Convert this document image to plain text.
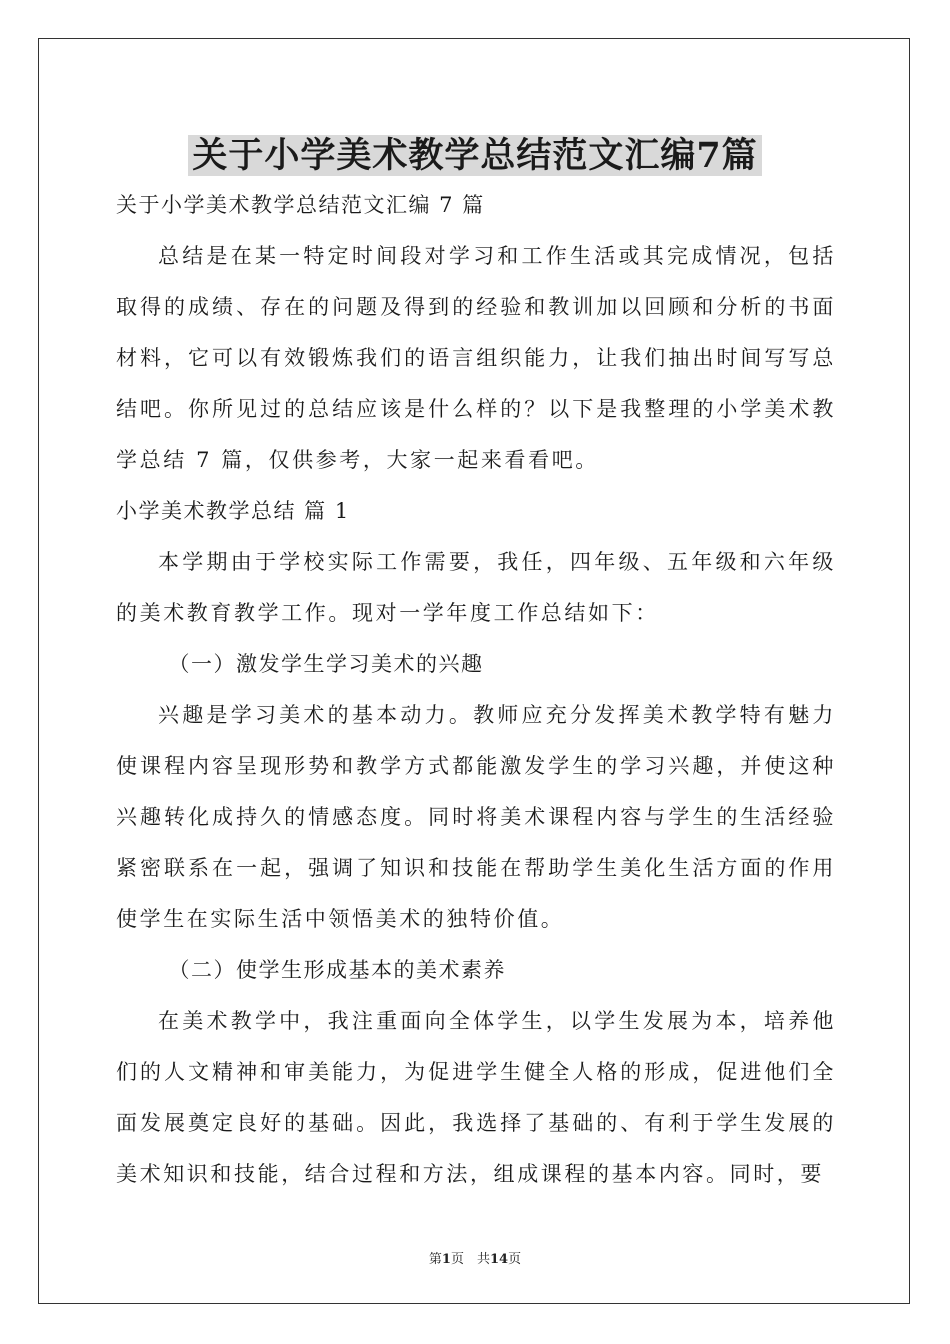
关于小学美术教学总结范文汇编7篇
关于小学美术教学总结范文汇编 7 篇
总结是在某一特定时间段对学习和工作生活或其完成情况，包括取得的成绩、存在的问题及得到的经验和教训加以回顾和分析的书面材料，它可以有效锻炼我们的语言组织能力，让我们抽出时间写写总结吧。你所见过的总结应该是什么样的？以下是我整理的小学美术教学总结 7 篇，仅供参考，大家一起来看看吧。
小学美术教学总结 篇 1
本学期由于学校实际工作需要，我任，四年级、五年级和六年级的美术教育教学工作。现对一学年度工作总结如下：
（一）激发学生学习美术的兴趣
兴趣是学习美术的基本动力。教师应充分发挥美术教学特有魅力使课程内容呈现形势和教学方式都能激发学生的学习兴趣，并使这种兴趣转化成持久的情感态度。同时将美术课程内容与学生的生活经验紧密联系在一起，强调了知识和技能在帮助学生美化生活方面的作用使学生在实际生活中领悟美术的独特价值。
（二）使学生形成基本的美术素养
在美术教学中，我注重面向全体学生，以学生发展为本，培养他们的人文精神和审美能力，为促进学生健全人格的形成，促进他们全面发展奠定良好的基础。因此，我选择了基础的、有利于学生发展的美术知识和技能，结合过程和方法，组成课程的基本内容。同时，要
第1页　共14页
